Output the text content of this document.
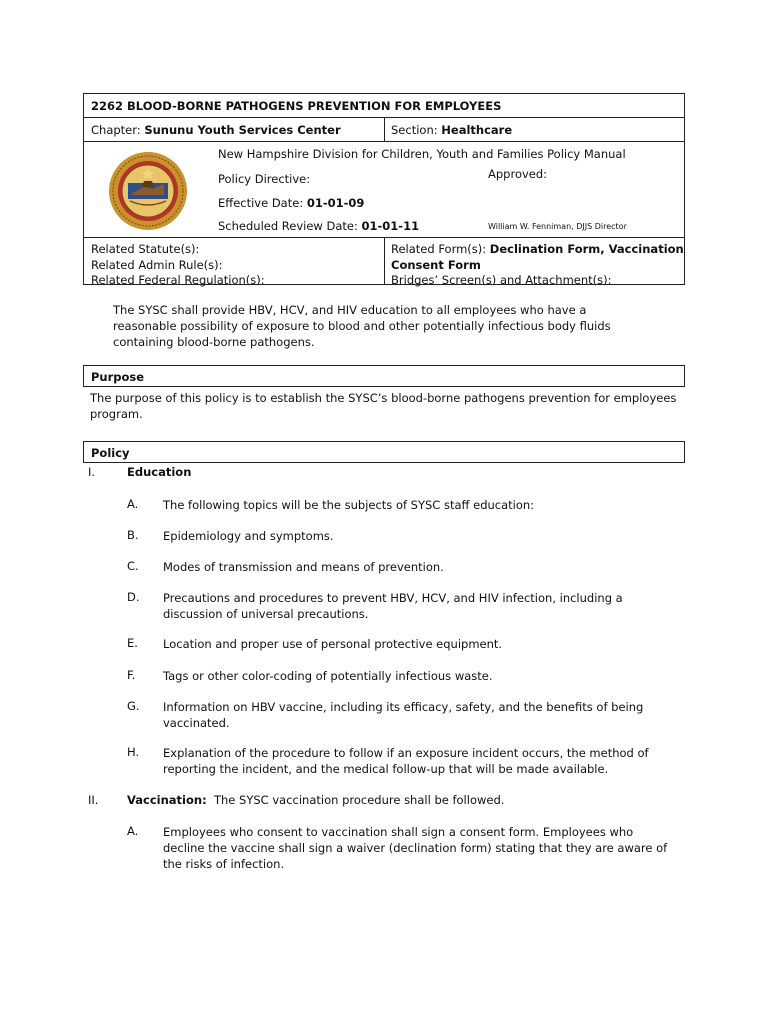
2262 BLOOD-BORNE PATHOGENS PREVENTION FOR EMPLOYEES
Chapter: Sununu Youth Services Center	Section: Healthcare
New Hampshire Division for Children, Youth and Families Policy Manual
Policy Directive:	Approved:
Effective Date: 01-01-09
Scheduled Review Date: 01-01-11	William W. Fenniman, DJJS Director
Related Statute(s):
Related Admin Rule(s):
Related Federal Regulation(s):
Related Form(s): Declination Form, Vaccination
Consent Form
Bridges’ Screen(s) and Attachment(s):
The SYSC shall provide HBV, HCV, and HIV education to all employees who have a reasonable possibility of exposure to blood and other potentially infectious body fluids containing blood-borne pathogens.
Purpose
The purpose of this policy is to establish the SYSC’s blood-borne pathogens prevention for employees program.
Policy
I.	Education
A. The following topics will be the subjects of SYSC staff education:
B. Epidemiology and symptoms.
C. Modes of transmission and means of prevention.
D. Precautions and procedures to prevent HBV, HCV, and HIV infection, including a discussion of universal precautions.
E. Location and proper use of personal protective equipment.
F. Tags or other color-coding of potentially infectious waste.
G. Information on HBV vaccine, including its efficacy, safety, and the benefits of being vaccinated.
H. Explanation of the procedure to follow if an exposure incident occurs, the method of reporting the incident, and the medical follow-up that will be made available.
II. Vaccination:  The SYSC vaccination procedure shall be followed.
A. Employees who consent to vaccination shall sign a consent form. Employees who decline the vaccine shall sign a waiver (declination form) stating that they are aware of the risks of infection.
